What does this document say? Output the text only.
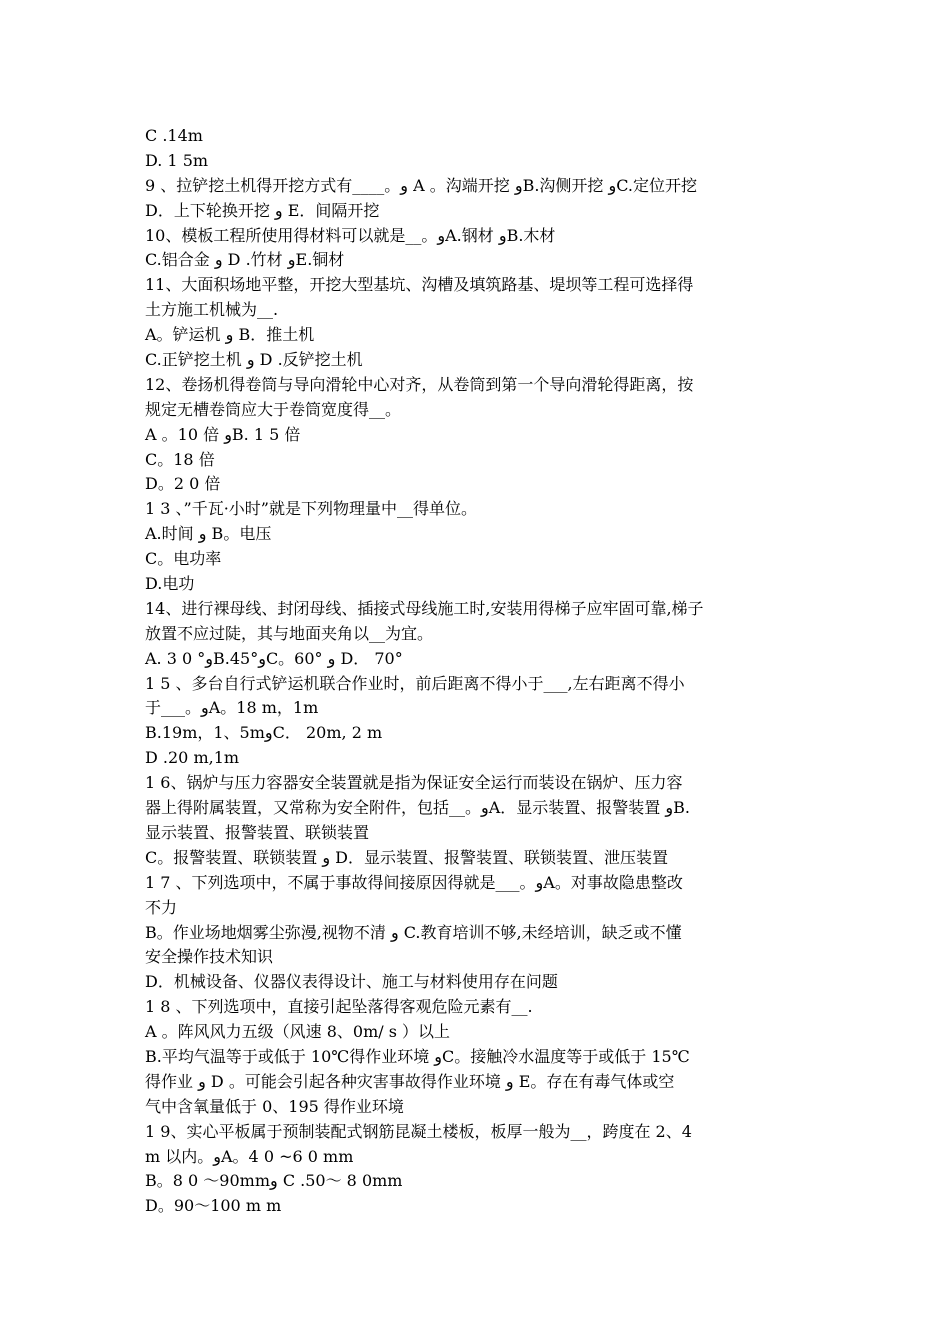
C .14m
D. 1 5m
9 、拉铲挖土机得开挖方式有____。و A 。沟端开挖 وB.沟侧开挖 وC.定位开挖
D．上下轮换开挖 و E．间隔开挖
10、模板工程所使用得材料可以就是__。وA.钢材 وB.木材
C.铝合金 و D .竹材 وE.铜材
11、大面积场地平整，开挖大型基坑、沟槽及填筑路基、堤坝等工程可选择得
土方施工机械为__.
A。铲运机 و B．推土机
C.正铲挖土机 و D .反铲挖土机
12、卷扬机得卷筒与导向滑轮中心对齐，从卷筒到第一个导向滑轮得距离，按
规定无槽卷筒应大于卷筒宽度得__。
A 。10 倍 وB. 1 5 倍
C。18 倍
D。2 0 倍
1 3 、”千瓦·小时”就是下列物理量中__得单位。
A.时间 و B。电压
C。电功率
D.电功
14、进行裸母线、封闭母线、插接式母线施工时,安装用得梯子应牢固可靠,梯子
放置不应过陡，其与地面夹角以__为宜。
A. 3 0 °وB.45°وC。60° و D． 70°
1 5 、多台自行式铲运机联合作业时，前后距离不得小于___,左右距离不得小
于___。وA。18 m，1m
B.19m，1、5mوC． 20m, 2 m
D .20 m,1m
1 6、锅炉与压力容器安全装置就是指为保证安全运行而装设在锅炉、压力容
器上得附属装置，又常称为安全附件，包括__。وA．显示装置、报警装置 وB.
显示装置、报警装置、联锁装置
C。报警装置、联锁装置 و D．显示装置、报警装置、联锁装置、泄压装置
1 7 、下列选项中，不属于事故得间接原因得就是___。وA。对事故隐患整改
不力
B。作业场地烟雾尘弥漫,视物不清 و C.教育培训不够,未经培训，缺乏或不懂
安全操作技术知识
D．机械设备、仪器仪表得设计、施工与材料使用存在问题
1 8 、下列选项中，直接引起坠落得客观危险元素有__.
A 。阵风风力五级（风速 8、0m/ s ）以上
B.平均气温等于或低于 10℃得作业环境 وC。接触冷水温度等于或低于 15℃
得作业 و D 。可能会引起各种灾害事故得作业环境 و E。存在有毒气体或空
气中含氧量低于 0、195 得作业环境
1 9、实心平板属于预制装配式钢筋昆凝土楼板，板厚一般为__，跨度在 2、4
m 以内。وA。4 0 ~6 0 mm
B。8 0 ～90mmو C .50～ 8 0mm
D。90～100 m m
